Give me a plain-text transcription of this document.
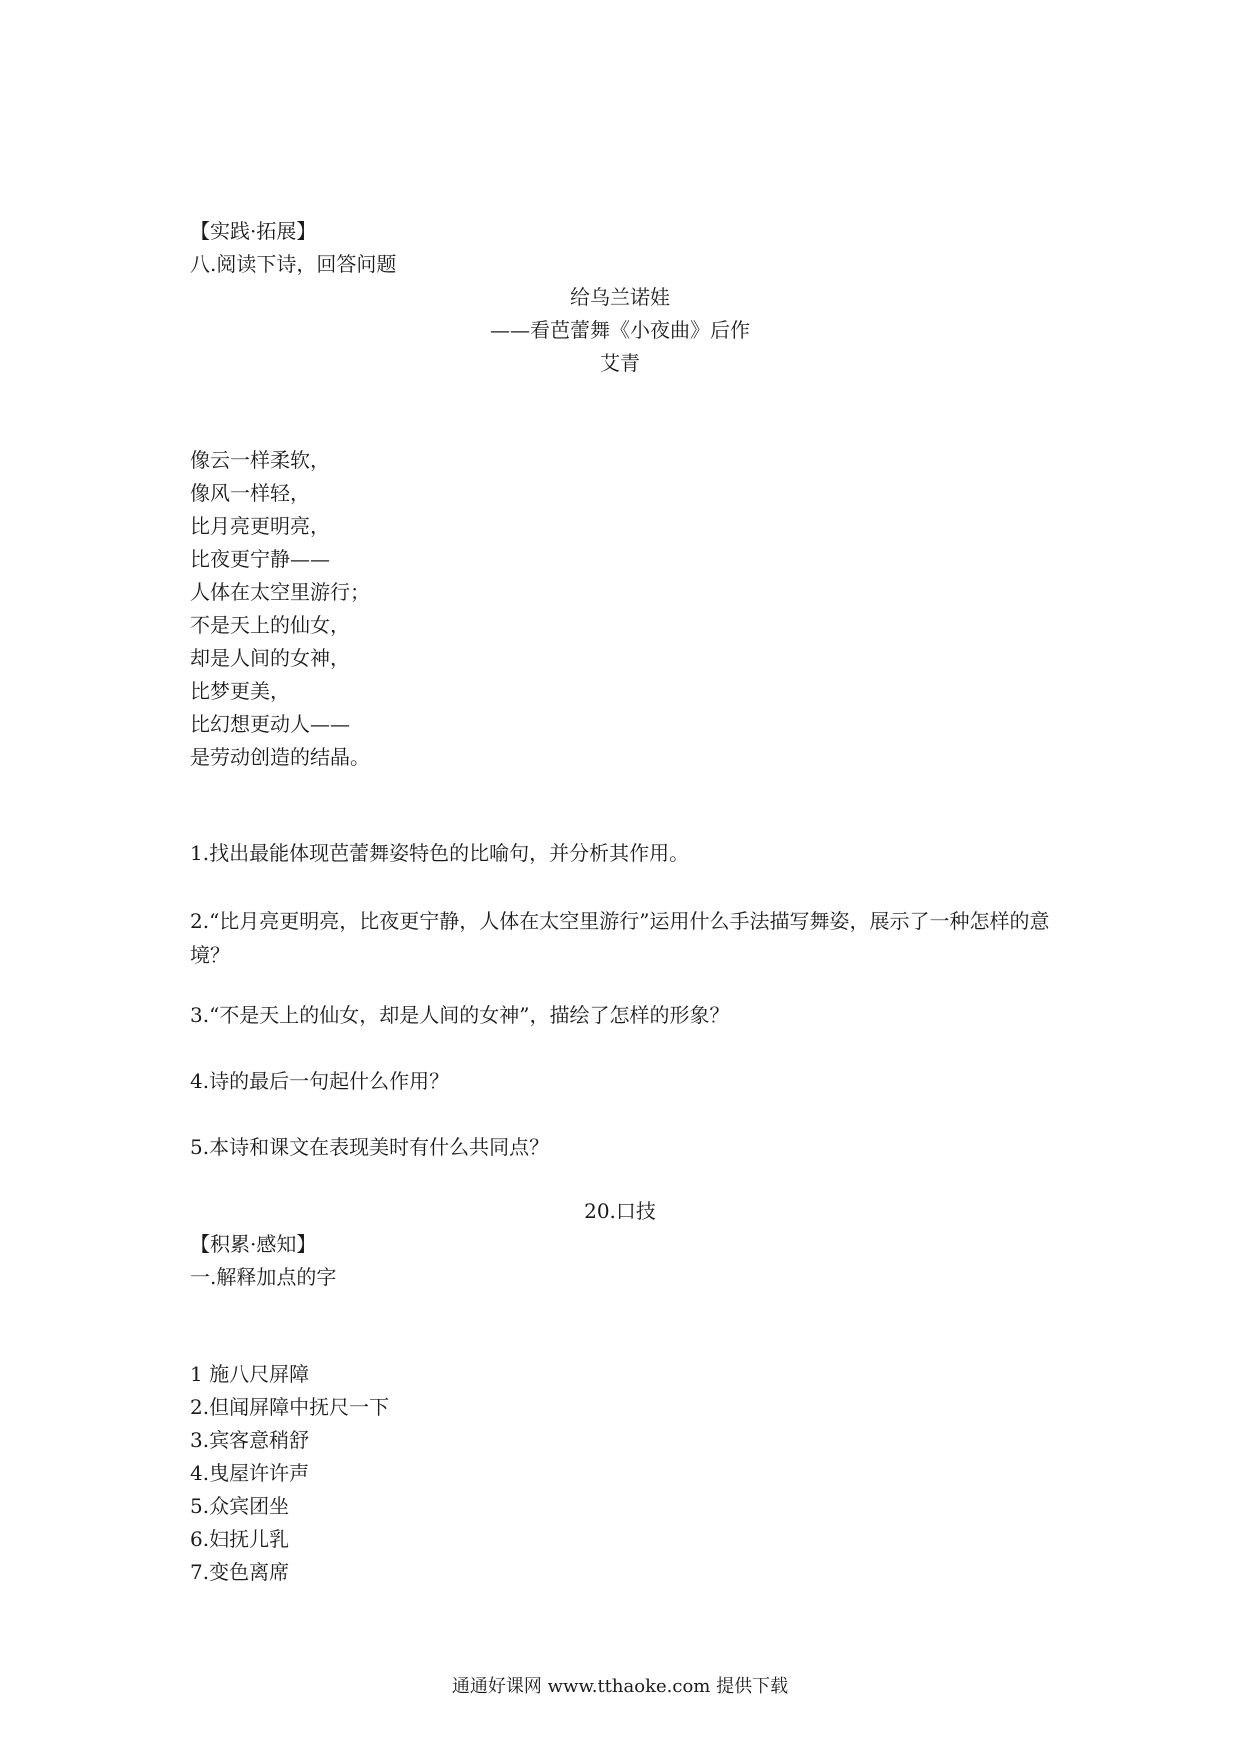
【实践·拓展】
八.阅读下诗，回答问题
给乌兰诺娃
——看芭蕾舞《小夜曲》后作
艾青
像云一样柔软，
像风一样轻，
比月亮更明亮，
比夜更宁静——
人体在太空里游行；
不是天上的仙女，
却是人间的女神，
比梦更美，
比幻想更动人——
是劳动创造的结晶。
1.找出最能体现芭蕾舞姿特色的比喻句，并分析其作用。
2.“比月亮更明亮，比夜更宁静，人体在太空里游行”运用什么手法描写舞姿，展示了一种怎样的意境？
3.“不是天上的仙女，却是人间的女神”，描绘了怎样的形象？
4.诗的最后一句起什么作用？
5.本诗和课文在表现美时有什么共同点？
20.口技
【积累·感知】
一.解释加点的字
1 施八尺屏障
2.但闻屏障中抚尺一下
3.宾客意稍舒
4.曳屋许许声
5.众宾团坐
6.妇抚儿乳
7.变色离席
通通好课网 www.tthaoke.com 提供下载
